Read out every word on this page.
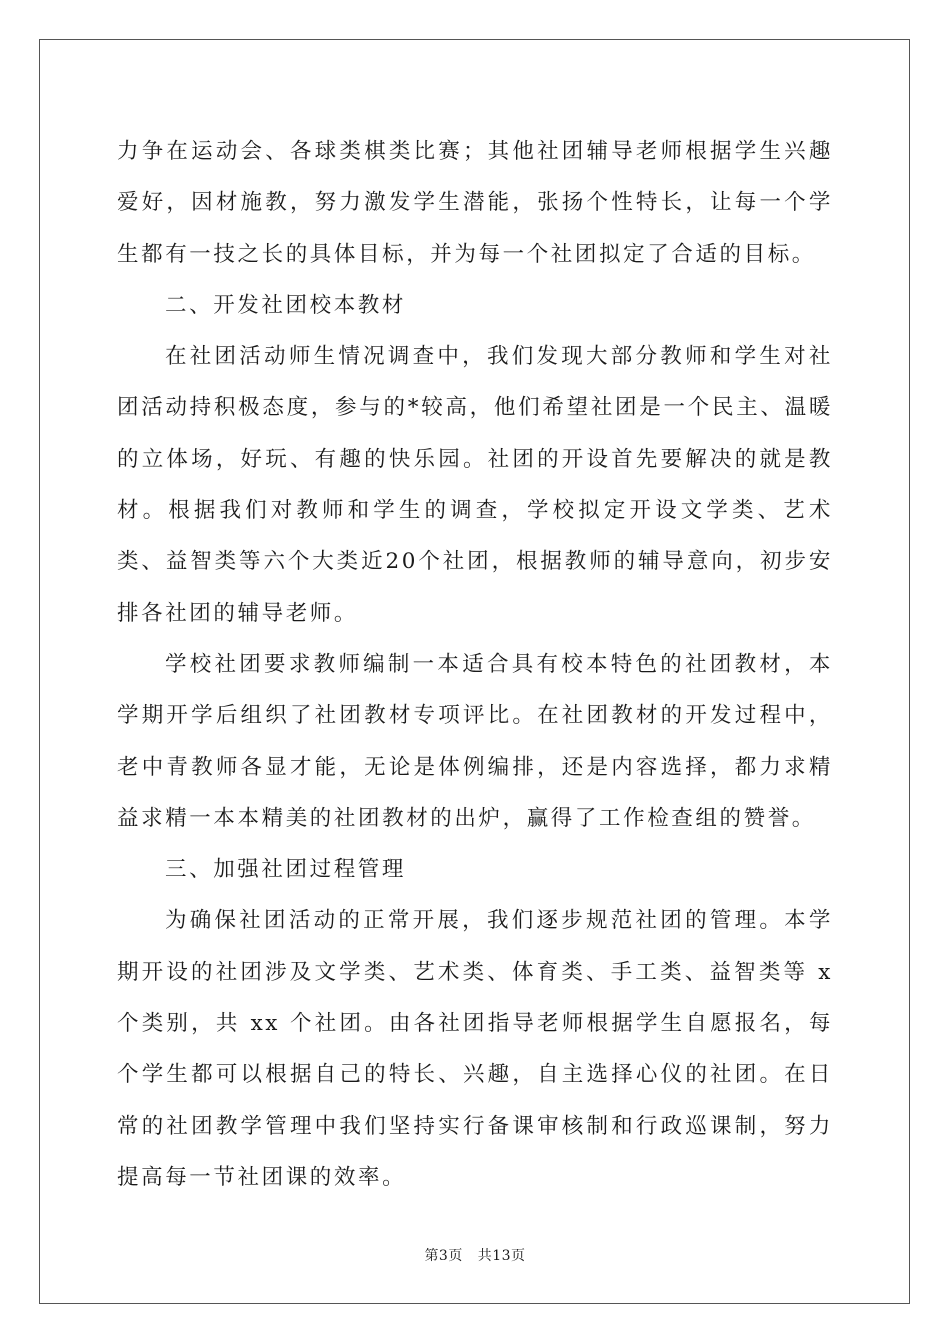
力争在运动会、各球类棋类比赛；其他社团辅导老师根据学生兴趣爱好，因材施教，努力激发学生潜能，张扬个性特长，让每一个学生都有一技之长的具体目标，并为每一个社团拟定了合适的目标。

二、开发社团校本教材

在社团活动师生情况调查中，我们发现大部分教师和学生对社团活动持积极态度，参与的*较高，他们希望社团是一个民主、温暖的立体场，好玩、有趣的快乐园。社团的开设首先要解决的就是教材。根据我们对教师和学生的调查，学校拟定开设文学类、艺术类、益智类等六个大类近20个社团，根据教师的辅导意向，初步安排各社团的辅导老师。

学校社团要求教师编制一本适合具有校本特色的社团教材，本学期开学后组织了社团教材专项评比。在社团教材的开发过程中，老中青教师各显才能，无论是体例编排，还是内容选择，都力求精益求精一本本精美的社团教材的出炉，赢得了工作检查组的赞誉。

三、加强社团过程管理

为确保社团活动的正常开展，我们逐步规范社团的管理。本学期开设的社团涉及文学类、艺术类、体育类、手工类、益智类等 x 个类别，共 xx 个社团。由各社团指导老师根据学生自愿报名，每个学生都可以根据自己的特长、兴趣，自主选择心仪的社团。在日常的社团教学管理中我们坚持实行备课审核制和行政巡课制，努力提高每一节社团课的效率。

第3页 共13页
